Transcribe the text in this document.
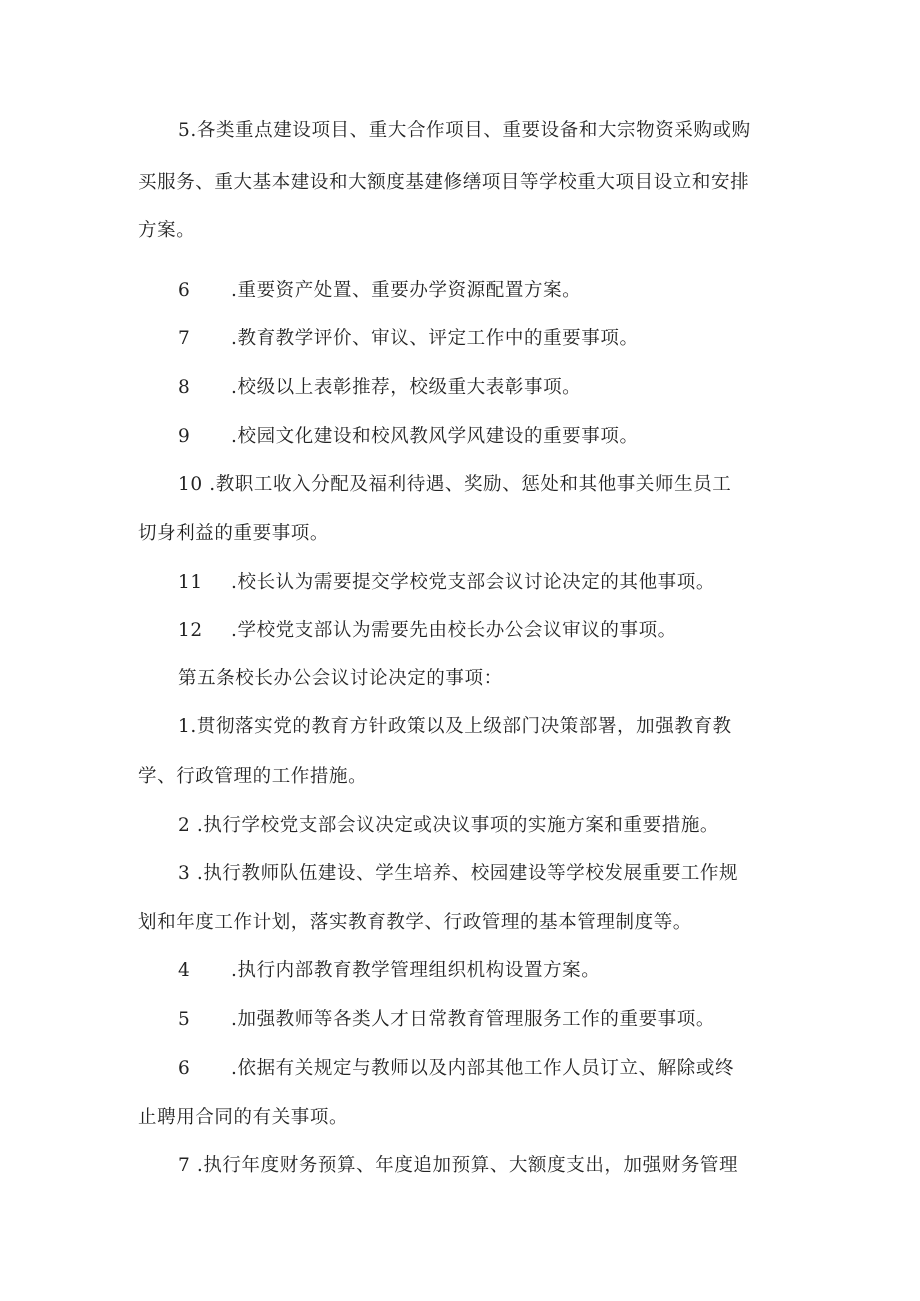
5.各类重点建设项目、重大合作项目、重要设备和大宗物资采购或购

买服务、重大基本建设和大额度基建修缮项目等学校重大项目设立和安排

方案。

6 .重要资产处置、重要办学资源配置方案。
7 .教育教学评价、审议、评定工作中的重要事项。
8 .校级以上表彰推荐，校级重大表彰事项。
9 .校园文化建设和校风教风学风建设的重要事项。

10 .教职工收入分配及福利待遇、奖励、惩处和其他事关师生员工

切身利益的重要事项。

11 .校长认为需要提交学校党支部会议讨论决定的其他事项。
12 .学校党支部认为需要先由校长办公会议审议的事项。

第五条校长办公会议讨论决定的事项：

1.贯彻落实党的教育方针政策以及上级部门决策部署，加强教育教

学、行政管理的工作措施。

2 .执行学校党支部会议决定或决议事项的实施方案和重要措施。

3 .执行教师队伍建设、学生培养、校园建设等学校发展重要工作规

划和年度工作计划，落实教育教学、行政管理的基本管理制度等。

4 .执行内部教育教学管理组织机构设置方案。
5 .加强教师等各类人才日常教育管理服务工作的重要事项。
6 .依据有关规定与教师以及内部其他工作人员订立、解除或终

止聘用合同的有关事项。

7 .执行年度财务预算、年度追加预算、大额度支出，加强财务管理
